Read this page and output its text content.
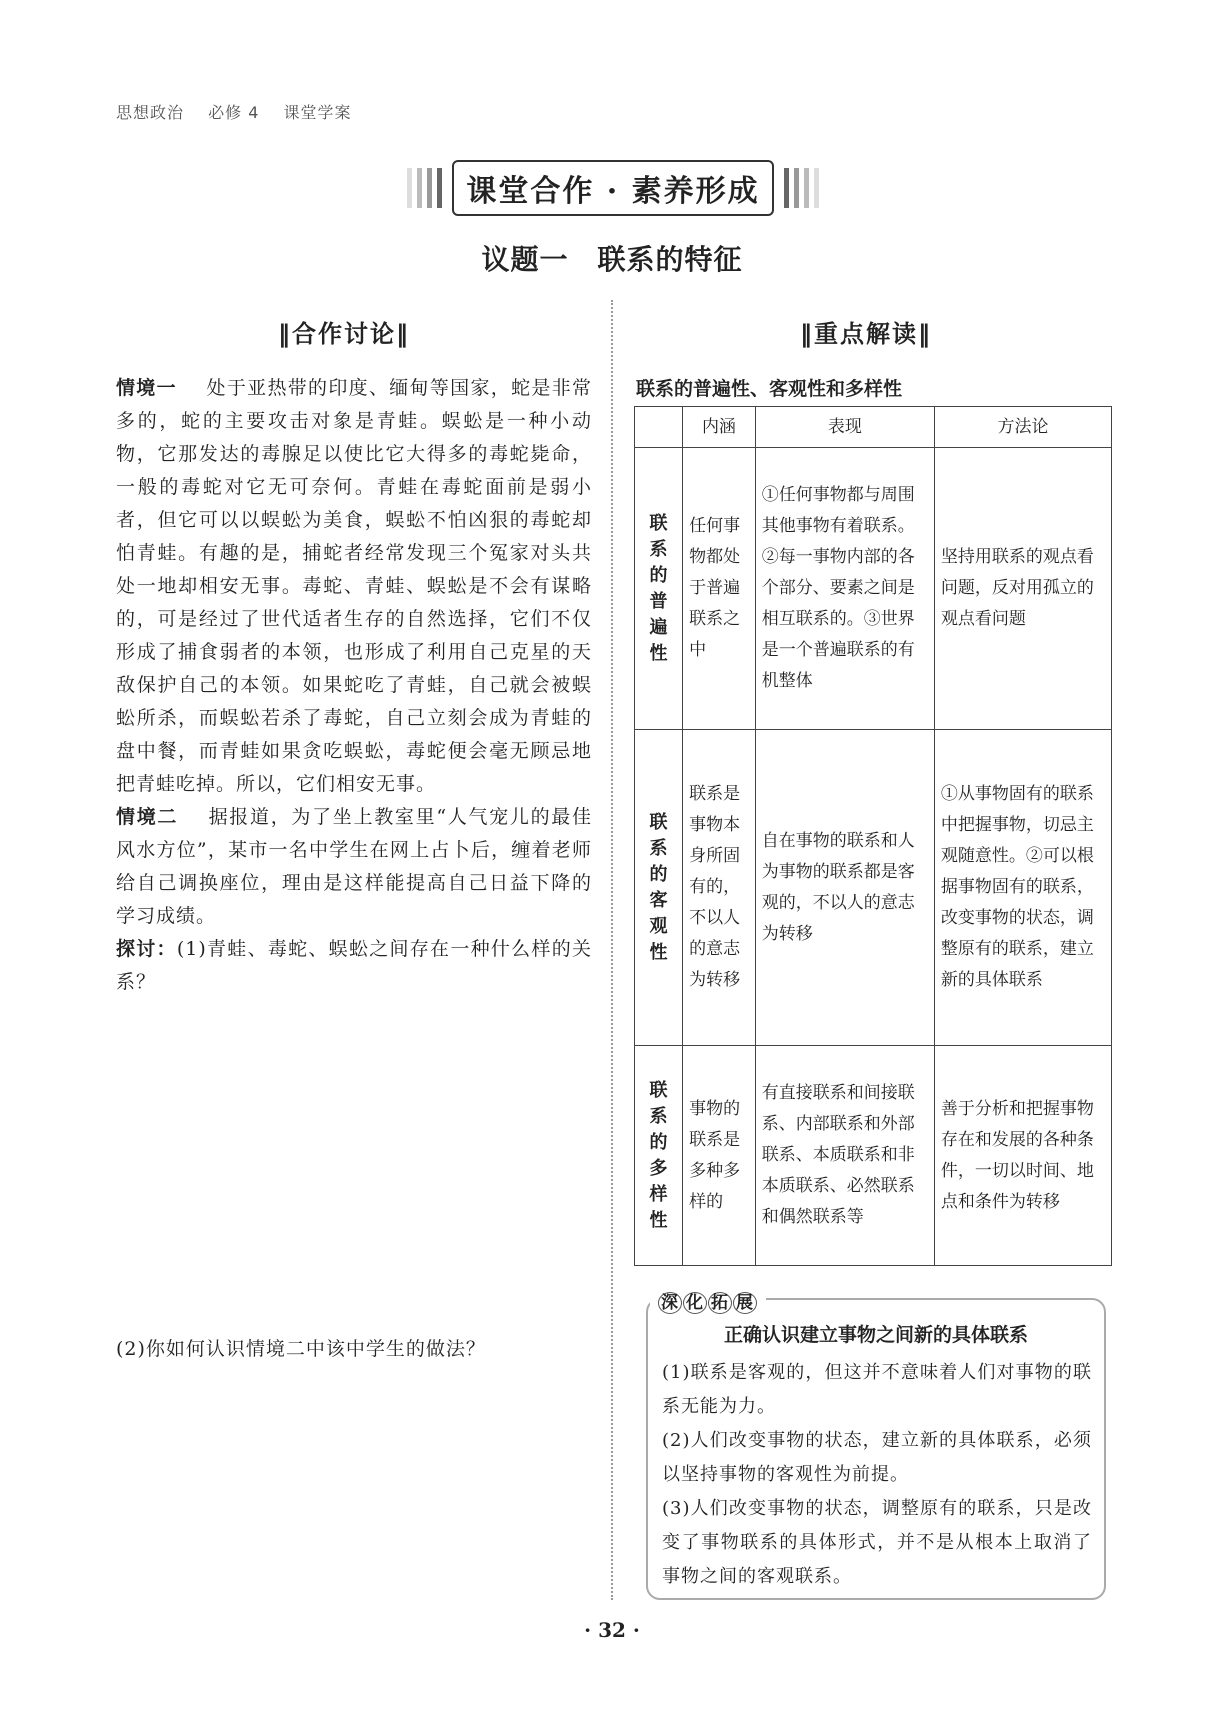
思想政治 必修 4 课堂学案
课堂合作 · 素养形成
议题一　联系的特征
‖合作讨论‖	‖重点解读‖

情境一 处于亚热带的印度、缅甸等国家，蛇是非常多的，蛇的主要攻击对象是青蛙。蜈蚣是一种小动物，它那发达的毒腺足以使比它大得多的毒蛇毙命，一般的毒蛇对它无可奈何。青蛙在毒蛇面前是弱小者，但它可以以蜈蚣为美食，蜈蚣不怕凶狠的毒蛇却怕青蛙。有趣的是，捕蛇者经常发现三个冤家对头共处一地却相安无事。毒蛇、青蛙、蜈蚣是不会有谋略的，可是经过了世代适者生存的自然选择，它们不仅形成了捕食弱者的本领，也形成了利用自己克星的天敌保护自己的本领。如果蛇吃了青蛙，自己就会被蜈蚣所杀，而蜈蚣若杀了毒蛇，自己立刻会成为青蛙的盘中餐，而青蛙如果贪吃蜈蚣，毒蛇便会毫无顾忌地把青蛙吃掉。所以，它们相安无事。

情境二 据报道，为了坐上教室里“人气宠儿的最佳风水方位”，某市一名中学生在网上占卜后，缠着老师给自己调换座位，理由是这样能提高自己日益下降的学习成绩。

探讨：(1)青蛙、毒蛇、蜈蚣之间存在一种什么样的关系？

(2)你如何认识情境二中该中学生的做法？
联系的普遍性、客观性和多样性
	内涵	表现	方法论
联系的普遍性	任何事物都处于普遍联系之中	①任何事物都与周围其他事物有着联系。②每一事物内部的各个部分、要素之间是相互联系的。③世界是一个普遍联系的有机整体	坚持用联系的观点看问题，反对用孤立的观点看问题
联系的客观性	联系是事物本身所固有的，不以人的意志为转移	自在事物的联系和人为事物的联系都是客观的，不以人的意志为转移	①从事物固有的联系中把握事物，切忌主观随意性。②可以根据事物固有的联系，改变事物的状态，调整原有的联系，建立新的具体联系
联系的多样性	事物的联系是多种多样的	有直接联系和间接联系、内部联系和外部联系、本质联系和非本质联系、必然联系和偶然联系等	善于分析和把握事物存在和发展的各种条件，一切以时间、地点和条件为转移
深 化 拓 展
正确认识建立事物之间新的具体联系

(1)联系是客观的，但这并不意味着人们对事物的联系无能为力。

(2)人们改变事物的状态，建立新的具体联系，必须以坚持事物的客观性为前提。

(3)人们改变事物的状态，调整原有的联系，只是改变了事物联系的具体形式，并不是从根本上取消了事物之间的客观联系。

· 32 ·
